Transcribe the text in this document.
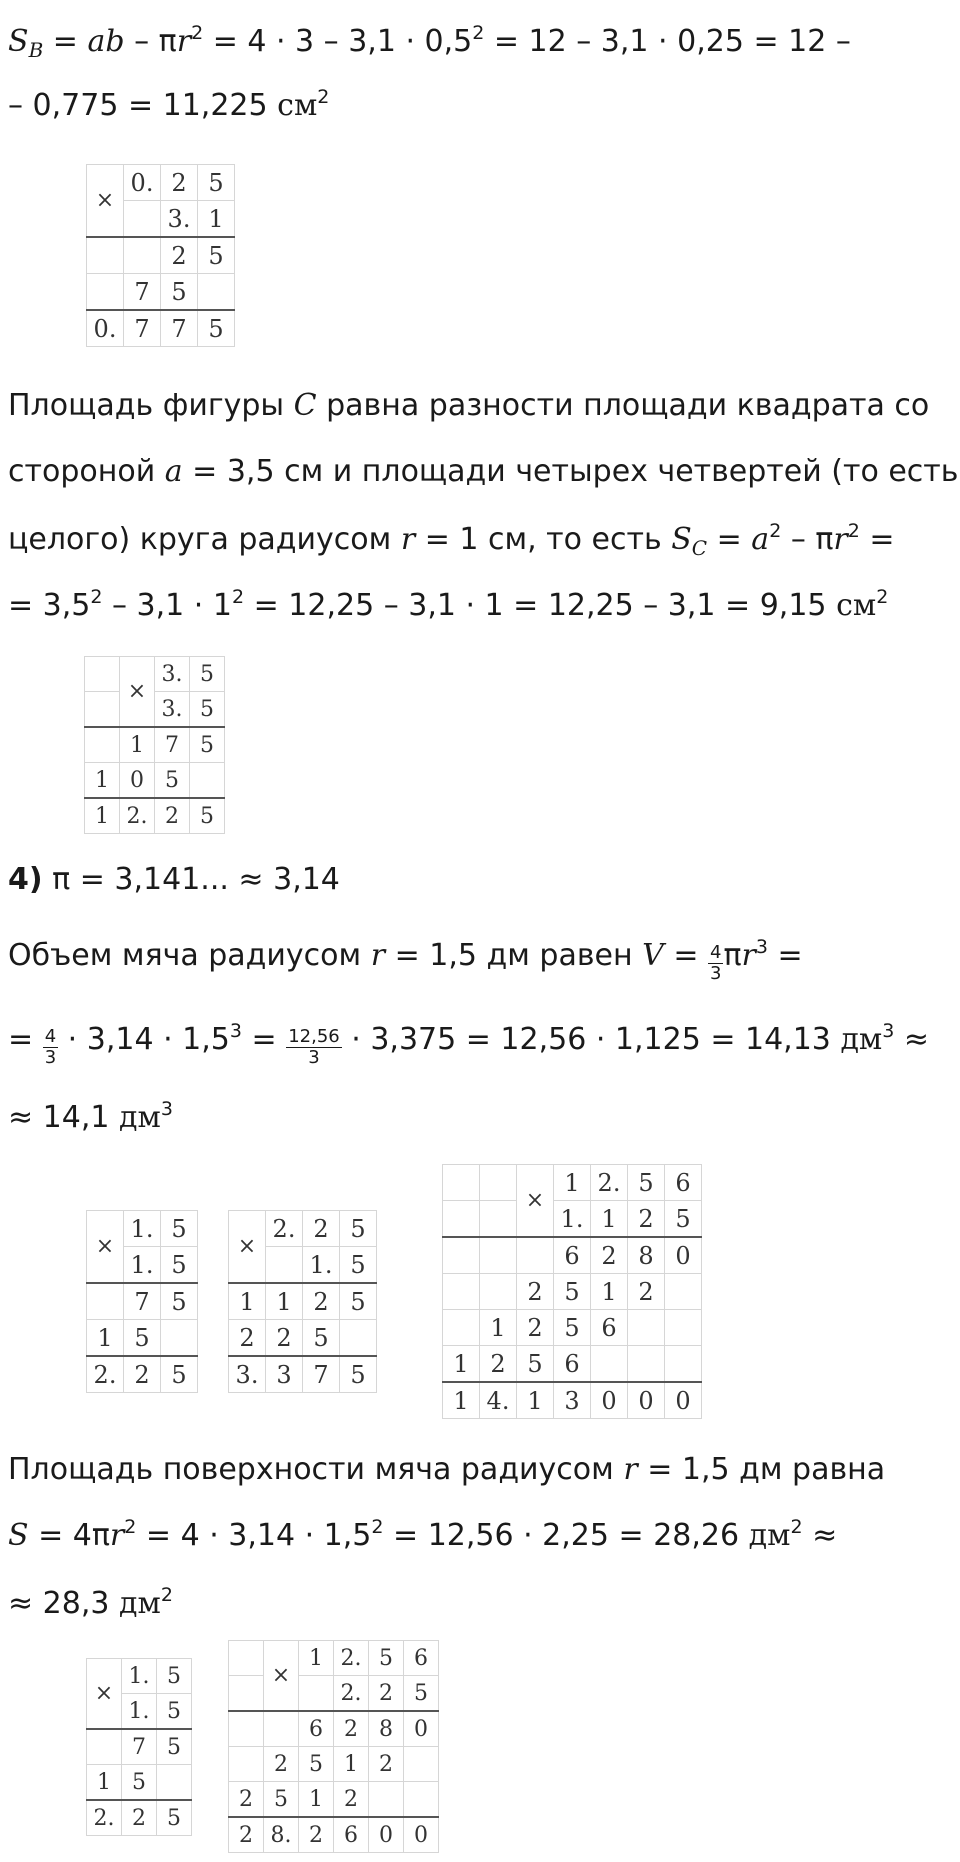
$S_B$ = ab – $\pi r^2 = 4 \cdot 3 - 3,1 \cdot 0,5^2 = 12 - 3,1 \cdot 0,25 = 12$ –
– 0,775 = 11,225 $см^2$
×	0.	2	5
		3.	1
		2	5
	7	5	
0.	7	7	5
Площадь фигуры C равна разности площади квадрата со
стороной a = 3,5 см и площади четырех четвертей (то есть
целого) круга радиусом r = 1 см, то есть $S_C = a^2 - \pi r^2$ =
= $3,5^2 - 3,1 \cdot 1^2 = 12,25 - 3,1 \cdot 1 = 12,25 - 3,1 = 9,15$ $см^2$
	×	3.	5
		3.	5
	1	7	5
1	0	5	
1	2.	2	5
4) π = 3,141... ≈ 3,14
Объем мяча радиусом r = 1,5 дм равен $V = \frac{4}{3} \pi r^3$ =
= $\frac{4}{3} \cdot 3,14 \cdot 1,5^3 = \frac{12,56}{3} \cdot 3,375 = 12,56 \cdot 1,125 = 14,13$ $дм^3$ ≈
≈ 14,1 $дм^3$
×	1.	5
	1.	5
	7	5
1	5	
2.	2	5
×	2.	2	5
		1.	5
1	1	2	5
2	2	5	
3.	3	7	5
		×	1	2.	5	6
			1.	1	2	5
			6	2	8	0
		2	5	1	2	
	1	2	5	6		
1	2	5	6			
1	4.	1	3	0	0	0
Площадь поверхности мяча радиусом r = 1,5 дм равна
$S = 4\pi r^2 = 4 \cdot 3,14 \cdot 1,5^2 = 12,56 \cdot 2,25 = 28,26$ $дм^2$ ≈
≈ 28,3 $дм^2$
×	1.	5
	1.	5
	7	5
1	5	
2.	2	5
	×	1	2.	5	6
			2.	2	5
		6	2	8	0
	2	5	1	2	
2	5	1	2		
2	8.	2	6	0	0
